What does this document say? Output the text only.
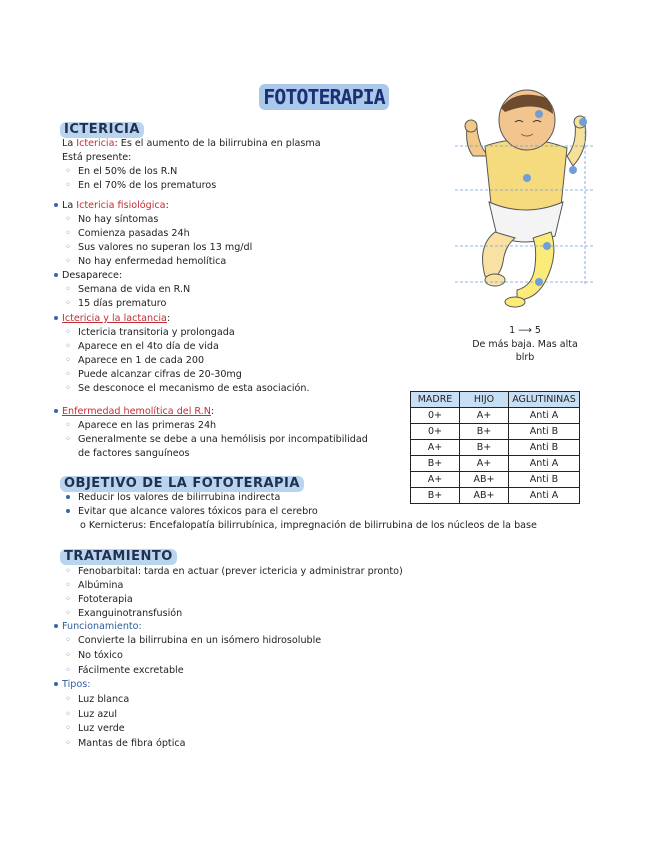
FOTOTERAPIA
ICTERICIA
La Ictericia: Es el aumento de la bilirrubina en plasma
Está presente:
◦ En el 50% de los R.N
◦ En el 70% de los prematuros
La Ictericia fisiológica:
◦ No hay síntomas
◦ Comienza pasadas 24h
◦ Sus valores no superan los 13 mg/dl
◦ No hay enfermedad hemolítica
Desaparece:
◦ Semana de vida en R.N
◦ 15 días prematuro
Ictericia y la lactancia:
◦ Ictericia transitoria y prolongada
◦ Aparece en el 4to día de vida
◦ Aparece en 1 de cada 200
◦ Puede alcanzar cifras de 20-30mg
◦ Se desconoce el mecanismo de esta asociación.
Enfermedad hemolítica del R.N:
◦ Aparece en las primeras 24h
◦ Generalmente se debe a una hemólisis por incompatibilidad
de factores sanguíneos
1 ⟶ 5
De más baja. Mas alta
blrb
MADRE	HIJO	AGLUTININAS
0+	A+	Anti A
0+	B+	Anti B
A+	B+	Anti B
B+	A+	Anti A
A+	AB+	Anti B
B+	AB+	Anti A
OBJETIVO DE LA FOTOTERAPIA
Reducir los valores de bilirrubina indirecta
Evitar que alcance valores tóxicos para el cerebro
o Kernicterus: Encefalopatía bilirrubínica, impregnación de bilirrubina de los núcleos de la base
TRATAMIENTO
◦ Fenobarbital: tarda en actuar (prever ictericia y administrar pronto)
◦ Albúmina
◦ Fototerapia
◦ Exanguinotransfusión
Funcionamiento:
◦ Convierte la bilirrubina en un isómero hidrosoluble
◦ No tóxico
◦ Fácilmente excretable
Tipos:
◦ Luz blanca
◦ Luz azul
◦ Luz verde
◦ Mantas de fibra óptica
